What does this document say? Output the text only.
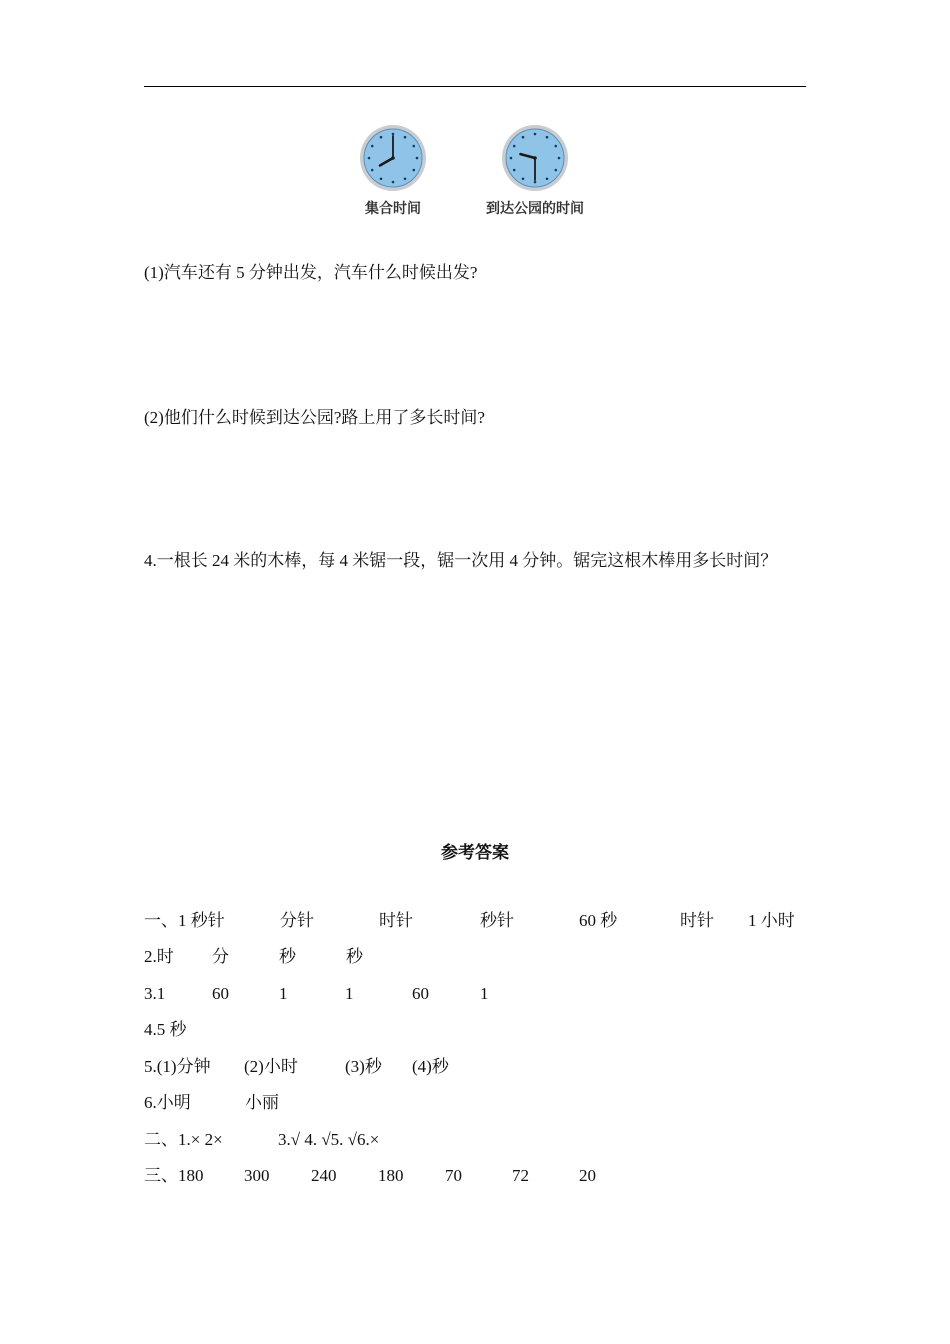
集合时间	到达公园的时间
(1)汽车还有 5 分钟出发，汽车什么时候出发?
(2)他们什么时候到达公园?路上用了多长时间?
4.一根长 24 米的木棒，每 4 米锯一段，锯一次用 4 分钟。锯完这根木棒用多长时间？
参考答案
一、1 秒针	分针	时针	秒针	60 秒	时针 1 小时
2.时 分	秒	秒
3.1	60	1	1	60	1
4.5 秒
5.(1)分钟 (2)小时	(3)秒 (4)秒
6.小明	小丽
二、1.× 2×	3.√ 4. √5. √6.×
三、180 300 240 180 70	72	20
